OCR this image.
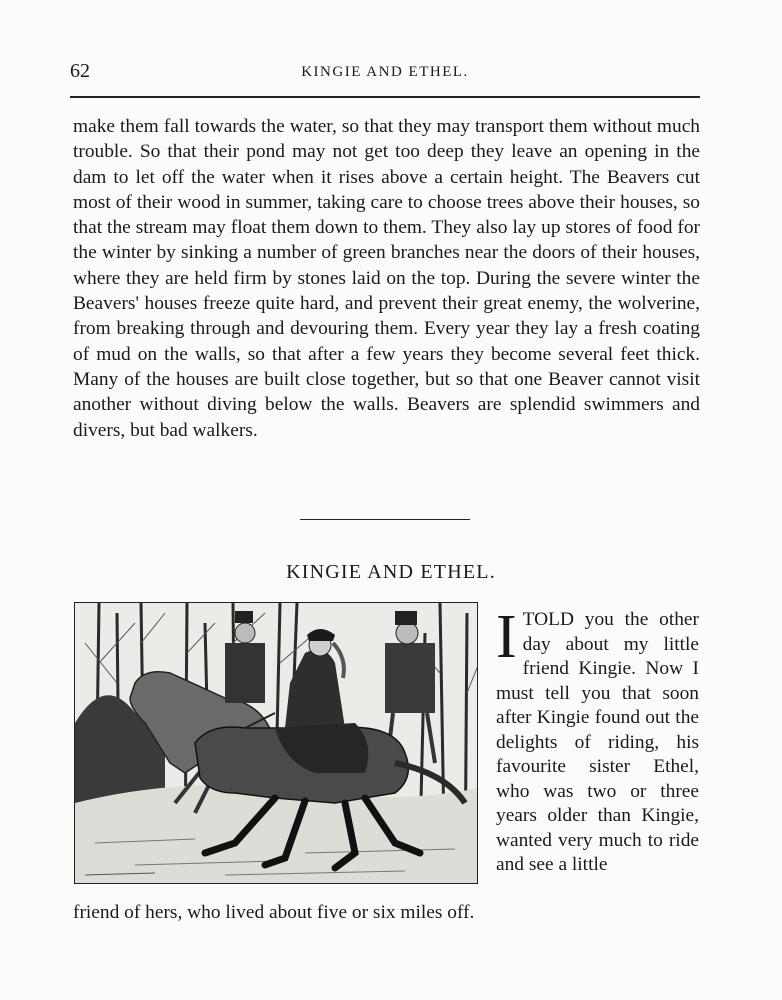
62	KINGIE AND ETHEL.

make them fall towards the water, so that they may transport them without much trouble. So that their pond may not get too deep they leave an opening in the dam to let off the water when it rises above a certain height. The Beavers cut most of their wood in summer, taking care to choose trees above their houses, so that the stream may float them down to them. They also lay up stores of food for the winter by sinking a number of green branches near the doors of their houses, where they are held firm by stones laid on the top. During the severe winter the Beavers' houses freeze quite hard, and prevent their great enemy, the wolverine, from breaking through and devouring them. Every year they lay a fresh coating of mud on the walls, so that after a few years they become several feet thick. Many of the houses are built close together, but so that one Beaver cannot visit another without diving below the walls. Beavers are splendid swimmers and divers, but bad walkers.

KINGIE AND ETHEL.
I TOLD you the other day about my little friend Kingie. Now I must tell you that soon after Kingie found out the delights of riding, his favourite sister Ethel, who was two or three years older than Kingie, wanted very much to ride and see a little

friend of hers, who lived about five or six miles off.
